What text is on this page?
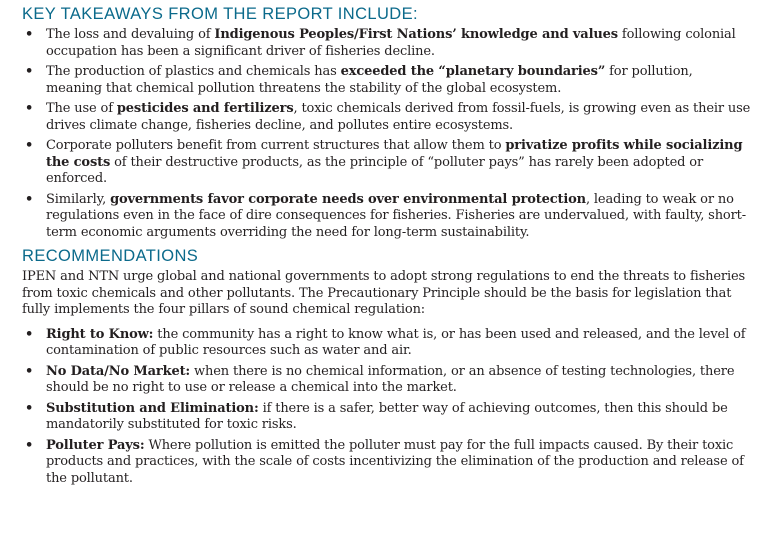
KEY TAKEAWAYS FROM THE REPORT INCLUDE:
• The loss and devaluing of Indigenous Peoples/First Nations’ knowledge and values following colonial occupation has been a significant driver of fisheries decline.
• The production of plastics and chemicals has exceeded the “planetary boundaries” for pollution, meaning that chemical pollution threatens the stability of the global ecosystem.
• The use of pesticides and fertilizers, toxic chemicals derived from fossil-fuels, is growing even as their use drives climate change, fisheries decline, and pollutes entire ecosystems.
• Corporate polluters benefit from current structures that allow them to privatize profits while socializing the costs of their destructive products, as the principle of “polluter pays” has rarely been adopted or enforced.
• Similarly, governments favor corporate needs over environmental protection, leading to weak or no regulations even in the face of dire consequences for fisheries. Fisheries are undervalued, with faulty, short-term economic arguments overriding the need for long-term sustainability.
RECOMMENDATIONS

IPEN and NTN urge global and national governments to adopt strong regulations to end the threats to fisheries from toxic chemicals and other pollutants. The Precautionary Principle should be the basis for legislation that fully implements the four pillars of sound chemical regulation:

• Right to Know: the community has a right to know what is, or has been used and released, and the level of contamination of public resources such as water and air.
• No Data/No Market: when there is no chemical information, or an absence of testing technologies, there should be no right to use or release a chemical into the market.
• Substitution and Elimination: if there is a safer, better way of achieving outcomes, then this should be mandatorily substituted for toxic risks.
• Polluter Pays: Where pollution is emitted the polluter must pay for the full impacts caused. By their toxic products and practices, with the scale of costs incentivizing the elimination of the production and release of the pollutant.
